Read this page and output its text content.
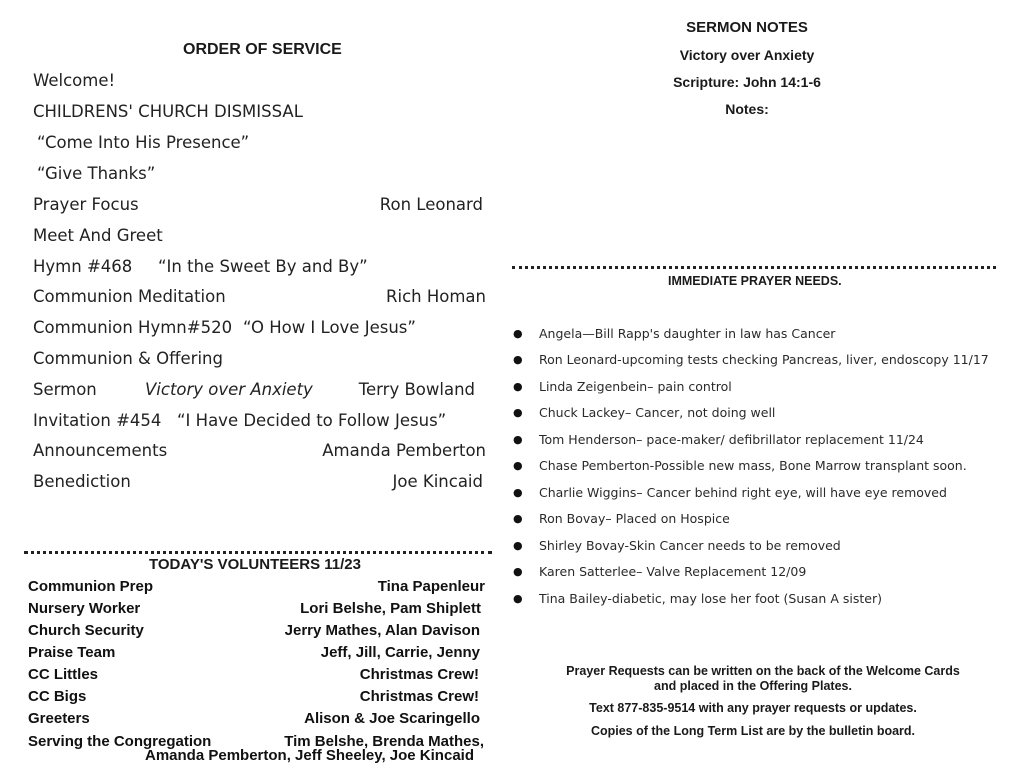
ORDER OF SERVICE
Welcome!
CHILDRENS' CHURCH DISMISSAL
“Come Into His Presence”
“Give Thanks”
Prayer Focus	Ron Leonard
Meet And Greet
Hymn #468 “In the Sweet By and By”
Communion Meditation	Rich Homan
Communion Hymn#520 “O How I Love Jesus”
Communion & Offering
Sermon	Victory over Anxiety	Terry Bowland
Invitation #454 “I Have Decided to Follow Jesus”
Announcements	Amanda Pemberton
Benediction	Joe Kincaid
TODAY'S VOLUNTEERS 11/23
Communion Prep	Tina Papenleur
Nursery Worker	Lori Belshe, Pam Shiplett
Church Security	Jerry Mathes, Alan Davison
Praise Team	Jeff, Jill, Carrie, Jenny
CC Littles	Christmas Crew!
CC Bigs	Christmas Crew!
Greeters	Alison & Joe Scaringello
Serving the Congregation	Tim Belshe, Brenda Mathes,
Amanda Pemberton, Jeff Sheeley, Joe Kincaid
SERMON NOTES
Victory over Anxiety
Scripture: John 14:1-6
Notes:
IMMEDIATE PRAYER NEEDS.
● Angela—Bill Rapp's daughter in law has Cancer
● Ron Leonard-upcoming tests checking Pancreas, liver, endoscopy 11/17
● Linda Zeigenbein– pain control
● Chuck Lackey– Cancer, not doing well
● Tom Henderson– pace-maker/ defibrillator replacement 11/24
● Chase Pemberton-Possible new mass, Bone Marrow transplant soon.
● Charlie Wiggins– Cancer behind right eye, will have eye removed
● Ron Bovay– Placed on Hospice
● Shirley Bovay-Skin Cancer needs to be removed
● Karen Satterlee– Valve Replacement 12/09
● Tina Bailey-diabetic, may lose her foot (Susan A sister)
Prayer Requests can be written on the back of the Welcome Cards
and placed in the Offering Plates.
Text 877-835-9514 with any prayer requests or updates.
Copies of the Long Term List are by the bulletin board.
